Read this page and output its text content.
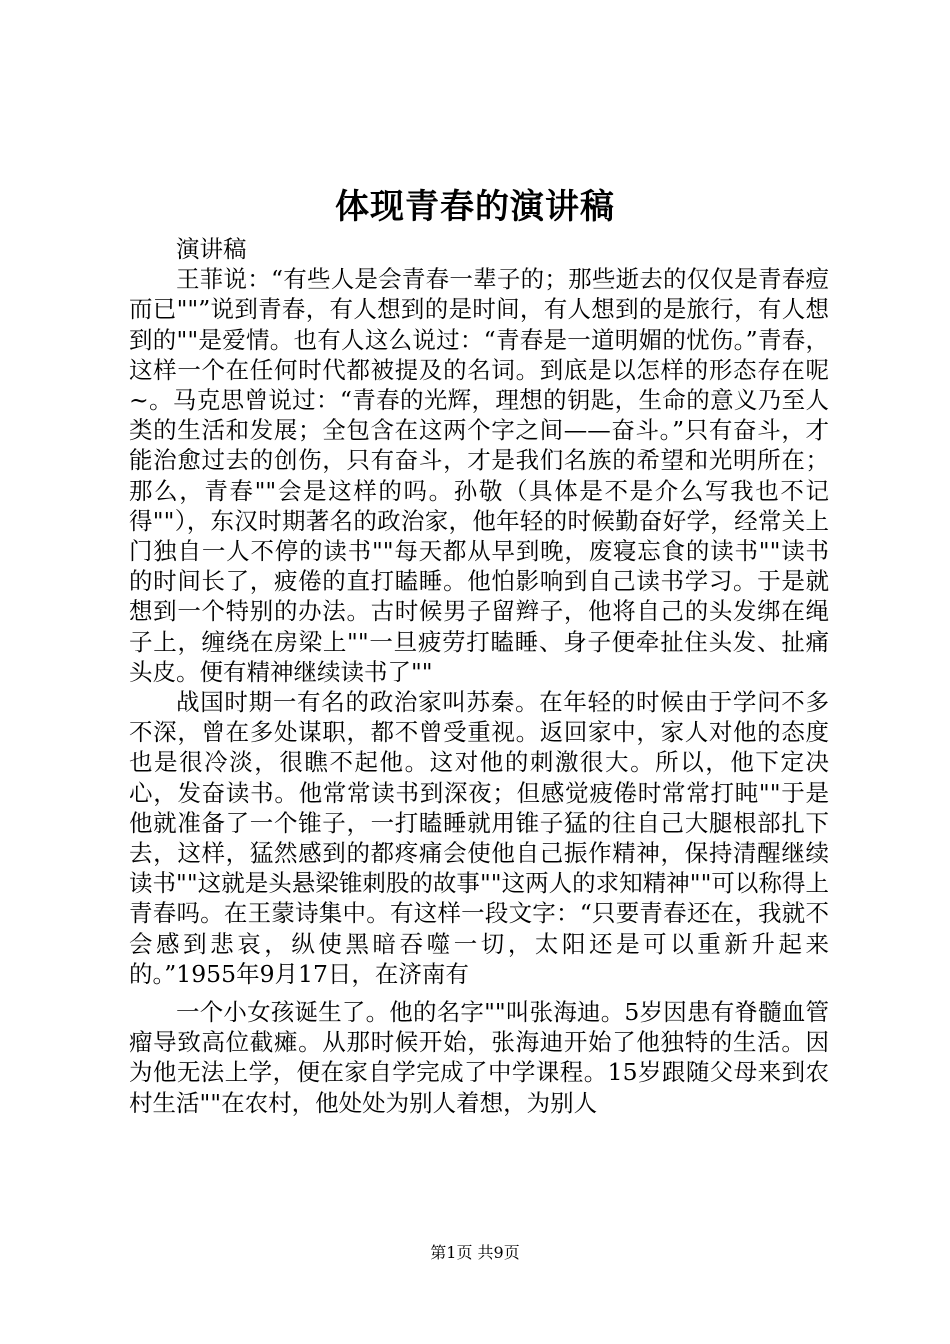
体现青春的演讲稿

演讲稿

王菲说：“有些人是会青春一辈子的；那些逝去的仅仅是青春痘而已""”说到青春，有人想到的是时间，有人想到的是旅行，有人想到的""是爱情。也有人这么说过：“青春是一道明媚的忧伤。”青春，这样一个在任何时代都被提及的名词。到底是以怎样的形态存在呢~。马克思曾说过：“青春的光辉，理想的钥匙，生命的意义乃至人类的生活和发展；全包含在这两个字之间——奋斗。”只有奋斗，才能治愈过去的创伤，只有奋斗，才是我们名族的希望和光明所在；那么，青春""会是这样的吗。孙敬（具体是不是介么写我也不记得""），东汉时期著名的政治家，他年轻的时候勤奋好学，经常关上门独自一人不停的读书""每天都从早到晚，废寝忘食的读书""读书的时间长了，疲倦的直打瞌睡。他怕影响到自己读书学习。于是就想到一个特别的办法。古时候男子留辫子，他将自己的头发绑在绳子上，缠绕在房梁上""一旦疲劳打瞌睡、身子便牵扯住头发、扯痛头皮。便有精神继续读书了""

战国时期一有名的政治家叫苏秦。在年轻的时候由于学问不多不深，曾在多处谋职，都不曾受重视。返回家中，家人对他的态度也是很冷淡，很瞧不起他。这对他的刺激很大。所以，他下定决心，发奋读书。他常常读书到深夜；但感觉疲倦时常常打盹""于是他就准备了一个锥子，一打瞌睡就用锥子猛的往自己大腿根部扎下去，这样，猛然感到的都疼痛会使他自己振作精神，保持清醒继续读书""这就是头悬梁锥刺股的故事""这两人的求知精神""可以称得上青春吗。在王蒙诗集中。有这样一段文字：“只要青春还在，我就不会感到悲哀，纵使黑暗吞噬一切，太阳还是可以重新升起来的。”1955年9月17日，在济南有

一个小女孩诞生了。他的名字""叫张海迪。5岁因患有脊髓血管瘤导致高位截瘫。从那时候开始，张海迪开始了他独特的生活。因为他无法上学，便在家自学完成了中学课程。15岁跟随父母来到农村生活""在农村，他处处为别人着想，为别人

第1页 共9页
